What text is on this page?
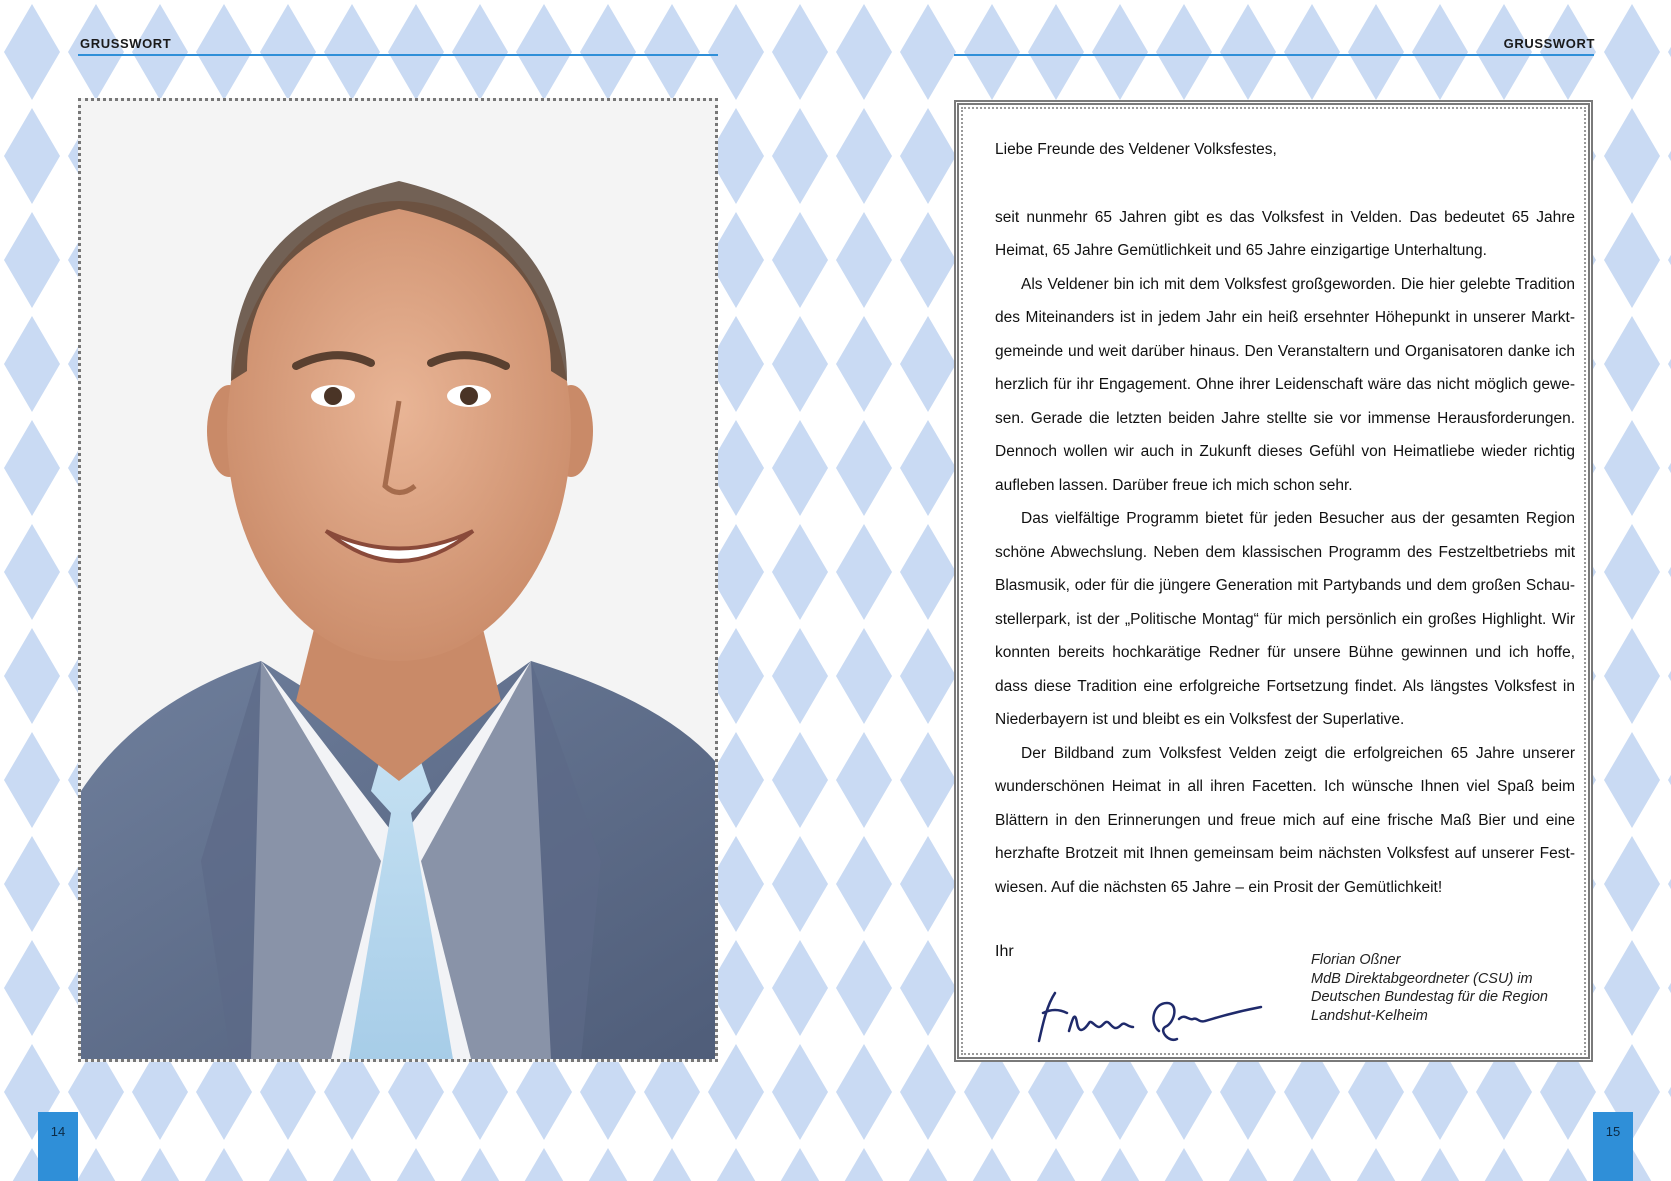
GRUSSWORT	GRUSSWORT

Liebe Freunde des Veldener Volksfestes,

seit nunmehr 65 Jahren gibt es das Volksfest in Velden. Das bedeutet 65 Jahre Heimat, 65 Jahre Gemütlichkeit und 65 Jahre einzigartige Unterhaltung.

Als Veldener bin ich mit dem Volksfest großgeworden. Die hier gelebte Tradition des Miteinanders ist in jedem Jahr ein heiß ersehnter Höhepunkt in unserer Marktgemeinde und weit darüber hinaus. Den Veranstaltern und Organisatoren danke ich herzlich für ihr Engagement. Ohne ihrer Leidenschaft wäre das nicht möglich gewesen. Gerade die letzten beiden Jahre stellte sie vor immense Herausforderungen. Dennoch wollen wir auch in Zukunft dieses Gefühl von Heimatliebe wieder richtig aufleben lassen. Darüber freue ich mich schon sehr.

Das vielfältige Programm bietet für jeden Besucher aus der gesamten Region schöne Abwechslung. Neben dem klassischen Programm des Festzeltbetriebs mit Blasmusik, oder für die jüngere Generation mit Partybands und dem großen Schaustellerpark, ist der „Politische Montag“ für mich persönlich ein großes Highlight. Wir konnten bereits hochkarätige Redner für unsere Bühne gewinnen und ich hoffe, dass diese Tradition eine erfolgreiche Fortsetzung findet. Als längstes Volksfest in Niederbayern ist und bleibt es ein Volksfest der Superlative.

Der Bildband zum Volksfest Velden zeigt die erfolgreichen 65 Jahre unserer wunderschönen Heimat in all ihren Facetten. Ich wünsche Ihnen viel Spaß beim Blättern in den Erinnerungen und freue mich auf eine frische Maß Bier und eine herzhafte Brotzeit mit Ihnen gemeinsam beim nächsten Volksfest auf unserer Festwiesen. Auf die nächsten 65 Jahre – ein Prosit der Gemütlichkeit!

Ihr	Florian Oßner
MdB Direktabgeordneter (CSU) im
Deutschen Bundestag für die Region
Landshut-Kelheim
14	15
